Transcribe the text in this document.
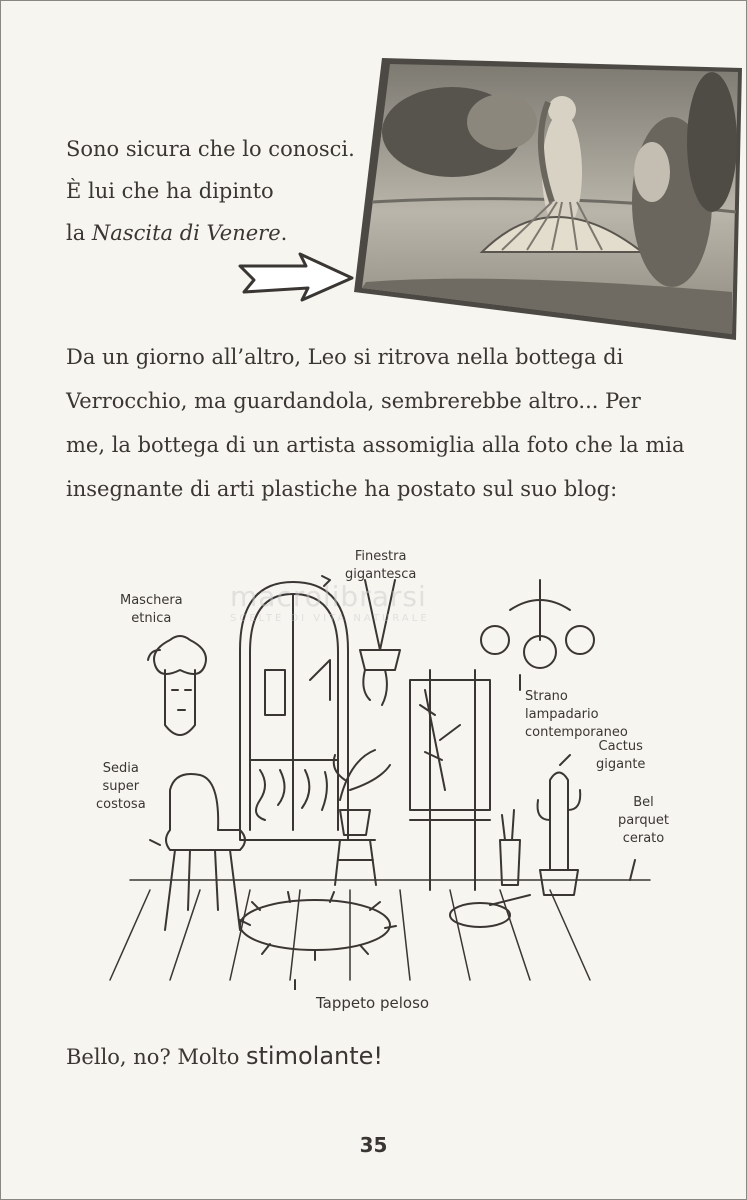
Sono sicura che lo conosci.
È lui che ha dipinto
la Nascita di Venere.
Da un giorno all’altro, Leo si ritrova nella bottega di
Verrocchio, ma guardandola, sembrerebbe altro... Per
me, la bottega di un artista assomiglia alla foto che la mia
insegnante di arti plastiche ha postato sul suo blog:
macrolibrarsi
SCELTE DI VITA NATURALE
Finestra
gigantesca
Maschera
etnica
Strano
lampadario
contemporaneo
Cactus
gigante
Sedia
super
costosa	Bel
parquet
cerato
Tappeto peloso
Bello, no? Molto stimolante!
35
